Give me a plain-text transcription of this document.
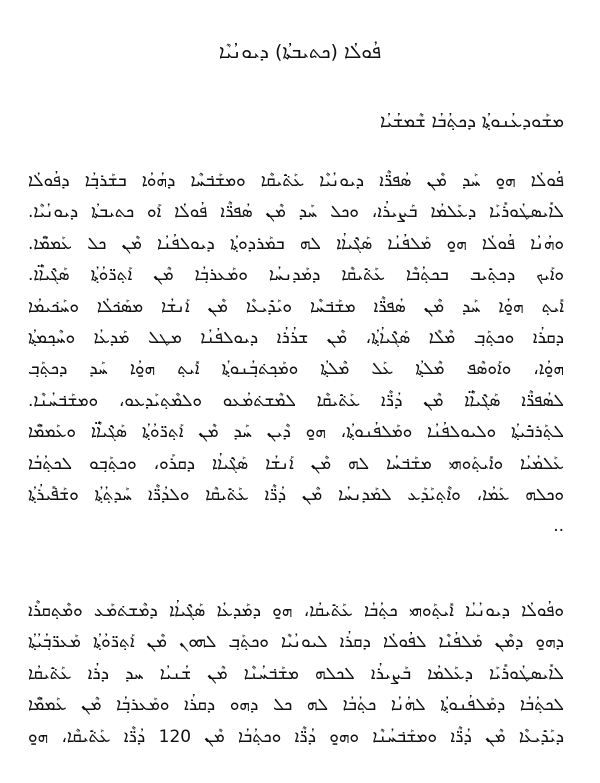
ܦܳܘܠܳܐ (ܟܬܝܒܬܳܐ) ܕܝܘܢܳܝܶܐ
ܡܫܰܘܕܥܳܢܘܬ݂ܳܐ ܕܟܬ݂ܳܒܳܐ ܫܶܡܫܳܝܳܐ
ܦܳܘܠܳܐ ܗ̱ܘ ܚܰܕ ܡܶܢ ܣܳܦܪ̈ܶܐ ܕܝܘܢܳܝܶܐ ܥܰܬ݁ܺܝܩܶܐ ܘܡܫܰܒ݁ܚܶܐ ܕܗܳܘܳܐ ܒܫܰܪܒ݂ܳܐ ܕܦܳܘܠܳܐ
ܠܐܺܝܣܛܳܘܪܺܝܰܐ ܕܥܰܠܡܳܐ ܒܰܨܝܪܳܐ، ܘܟܠ ܚܰܕ ܡܶܢ ܣܳܦܪ̈ܶܐ ܦܳܘܠܳܐ ܐܰܘ ܟܬܝܒܬܳܐ ܕܝܘܢܳܝܶܐ.
ܘܗܳܢܳܐ ܦܳܘܠܳܐ ܗ̱ܘ ܡܰܠܦܳܢܳܐ ܣܰܓ݁ܺܝܐܳܐ ܠܗ ܒܡܰܪܕܘܬ݂ܳܐ ܕܝܘܠܦܳܢܳܐ ܡܶܢ ܟܠ ܥܰܡܡ̈ܶܐ.
ܘܐܰܝܟ ܕܟܬ݂ܺܝܒ ܒܟܬ݂ܳܒܶܐ ܥܰܬ݁ܺܝܩܶܐ ܕܡܰܕܢܚܳܐ ܘܡܰܥܪܒ݂ܳܐ ܡܶܢ ܐܰܬ݂ܪ̈ܘܳܬ݂ܳܐ ܣܰܓ݁ܺܝܐ̈ܶܐ.
ܐܺܝܬ݂ ܗ̱ܘܳܐ ܚܰܕ ܡܶܢ ܣܳܦܪ̈ܶܐ ܡܫܰܒ݁ܚܶܐ ܘܝܰܕܺܝܥܶܐ ܡܶܢ ܐܰܢܫܳܐ ܡܣܰܟ݁ܠܳܐ ܘܚܰܟ݁ܝܡܳܐ
ܕܩܪܳܐ ܘܟܬ݂ܰܒ݂ ܡܶܠܶܐ ܣܰܓ݁ܺܝܐܳܬ݂ܳܐ، ܡܶܢ ܫܪܳܪܳܐ ܕܝܘܠܦܳܢܳܐ ܡܛܠ ܡܰܕܥܳܐ ܘܚܶܟ݂ܡܬ݂ܳܐ
ܗ̱ܘܳܐ، ܘܐܰܘܣܶܦ ܡܶܠܬ݂ܳܐ ܥܰܠ ܡܶܠܬ݂ܳܐ ܘܡܰܟ݂ܬ݁ܒ݂ܳܢܘܬ݂ܳܐ ܐܺܝܬ݂ ܗ̱ܘܳܐ ܚܰܕ ܕܟܬ݂ܰܒ݂
ܠܣܳܦܪ̈ܶܐ ܣܰܓ݁ܺܝܐ̈ܶܐ ܡܶܢ ܕܳܪ̈ܶܐ ܥܰܬ݁ܺܝܩܶܐ ܠܡܶܫܬ݁ܡܳܥܘ ܘܠܡܶܬ݂ܝܰܕܥܘ، ܘܡܫܰܒ݁ܚܳܢܶܐ.
ܠܬ݂ܰܪܒܺܝܬ݂ܳܐ ܘܠܝܘܠܦܳܢܳܐ ܘܡܰܠܦܳܢܘܬ݂ܳܐ، ܗ̱ܘ ܕܶܝܢ ܚܰܕ ܡܶܢ ܐܰܬ݂ܪ̈ܘܳܬ݂ܳܐ ܣܰܓ݁ܺܝܐ̈ܶܐ ܘܥܰܡܡ̈ܶܐ
ܥܰܠܡܳܝܳܐ ܘܐܺܝܬ݂ܰܘܗܝ ܡܫܰܒ݁ܚܳܐ ܠܗ ܡܶܢ ܐܰܢܫܳܐ ܣܰܓ݁ܺܝܐܳܐ ܕܩܪܰܘ، ܘܟܬ݂ܰܒ݂ܘ ܠܟܬ݂ܳܒܳܐ
ܘܟܠܗ ܥܰܡܳܐ، ܘܐܶܬ݂ܝܰܕܰܥ ܠܡܰܕܢܚܳܐ ܡܶܢ ܕܳܪ̈ܶܐ ܥܰܬ݁ܺܝܩܶܐ ܘܠܕܳܪ̈ܶܐ ܚܰܕܬ݂ܳܬ݂ܳܐ ܘܫܰܦ݁ܺܝܪܳܬ݂ܳܐ
..
ܘܦܳܘܠܳܐ ܕܝܘܢܳܝܳܐ ܐܺܝܬ݂ܰܘܗܝ ܟܬ݂ܳܒܳܐ ܥܰܬ݁ܺܝܩܳܐ، ܗ̱ܘ ܕܡܰܕܥܳܐ ܣܰܓ݁ܺܝܐܳܐ ܕܡܶܫܬ݁ܡܰܥ ܘܡܶܬ݂ܩܪܶܐ
ܕܗ̱ܘ ܕܡܶܢ ܡܰܠܦܳܢܶܐ ܠܦܳܘܠܳܐ ܕܩܪܳܐ ܠܝܘܢܳܝܶܐ ܘܟܬ݂ܰܒ݂ ܠܗܘܢ ܡܶܢ ܐܰܬ݂ܪ̈ܘܳܬ݂ܳܐ ܡܰܥܪ̈ܒ݂ܳܝܳܬ݂ܳܐ
ܠܐܺܝܣܛܳܘܪܺܝܰܐ ܕܥܰܠܡܳܐ ܒܰܨܝܪܳܐ ܠܟܠܗ ܡܫܰܒ݁ܚܳܢܶܐ ܡܶܢ ܫܳܢܝܳܐ ܚܕ ܕܪܳܐ ܥܰܬ݁ܺܝܩܳܐ
ܠܟܬ݂ܳܒܳܐ ܕܡܰܠܦܳܢܘܬ݂ܳܐ ܠܗܳܢܳܐ ܟܬ݂ܳܒܳܐ ܠܗ ܟܠ ܕܗܘ ܕܩܪܳܐ ܘܡܰܥܪܒ݂ܳܐ ܡܶܢ ܥܰܡܡ̈ܶܐ
ܕܝܰܕܺܝܥܶܐ ܡܶܢ ܕܳܪ̈ܶܐ ܘܡܫܰܒ݁ܚܳܢܶܐ ܘܗ̱ܘ ܕܳܪ̈ܶܐ ܘܟܬ݂ܳܒܳܐ ܡܶܢ 120 ܕܳܪ̈ܶܐ ܥܰܬ݁ܺܝܩܶܐ، ܗ̱ܘ
